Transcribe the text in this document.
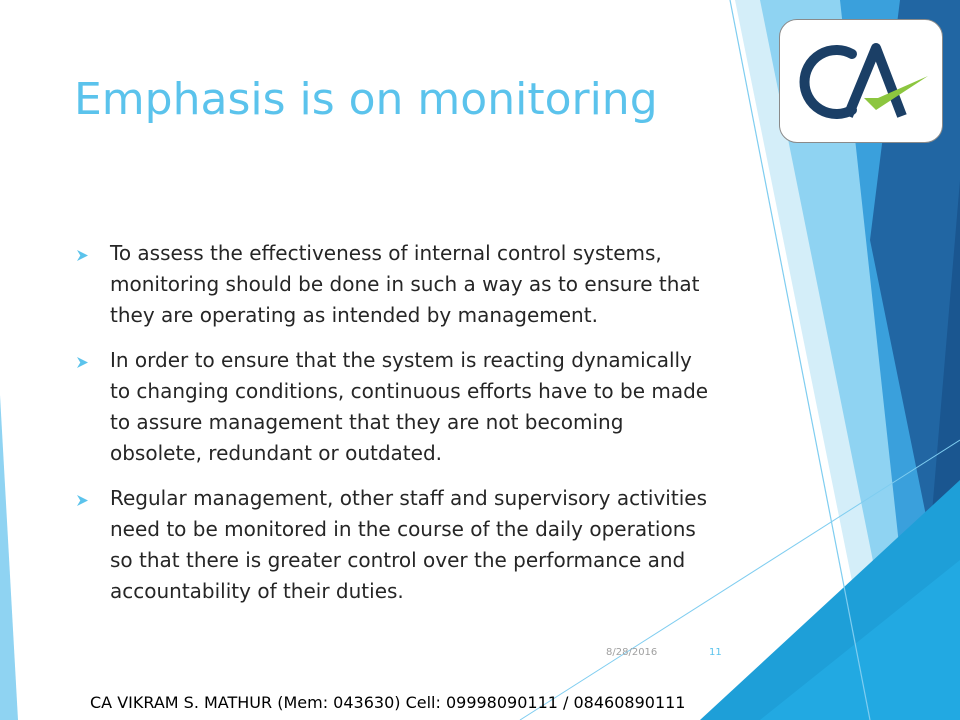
Emphasis is on monitoring
To assess the effectiveness of internal control systems, monitoring should be done in such a way as to ensure that they are operating as intended by management.
In order to ensure that the system is reacting dynamically to changing conditions, continuous efforts have to be made to assure management that they are not becoming obsolete, redundant or outdated.
Regular management, other staff and supervisory activities need to be monitored in the course of the daily operations so that there is greater control over the performance and accountability of their duties.
8/28/2016	11
CA VIKRAM S. MATHUR (Mem: 043630) Cell: 09998090111 / 08460890111
